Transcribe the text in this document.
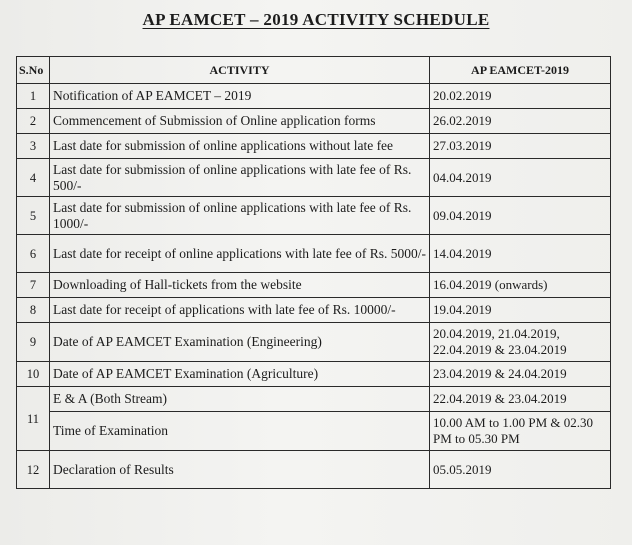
AP EAMCET – 2019 ACTIVITY SCHEDULE
S.No	ACTIVITY	AP EAMCET-2019
1	Notification of AP EAMCET – 2019	20.02.2019
2	Commencement of Submission of Online application forms	26.02.2019
3	Last date for submission of online applications without late fee	27.03.2019
4	Last date for submission of online applications with late fee of Rs. 500/-	04.04.2019
5	Last date for submission of online applications with late fee of Rs. 1000/-	09.04.2019
6	Last date for receipt of online applications with late fee of Rs. 5000/-	14.04.2019
7	Downloading of Hall-tickets from the website	16.04.2019 (onwards)
8	Last date for receipt of applications with late fee of Rs. 10000/-	19.04.2019
9	Date of AP EAMCET Examination (Engineering)	20.04.2019, 21.04.2019, 22.04.2019 & 23.04.2019
10	Date of AP EAMCET Examination (Agriculture)	23.04.2019 & 24.04.2019
11	E & A (Both Stream)	22.04.2019 & 23.04.2019
	Time of Examination	10.00 AM to 1.00 PM & 02.30 PM to 05.30 PM
12	Declaration of Results	05.05.2019
